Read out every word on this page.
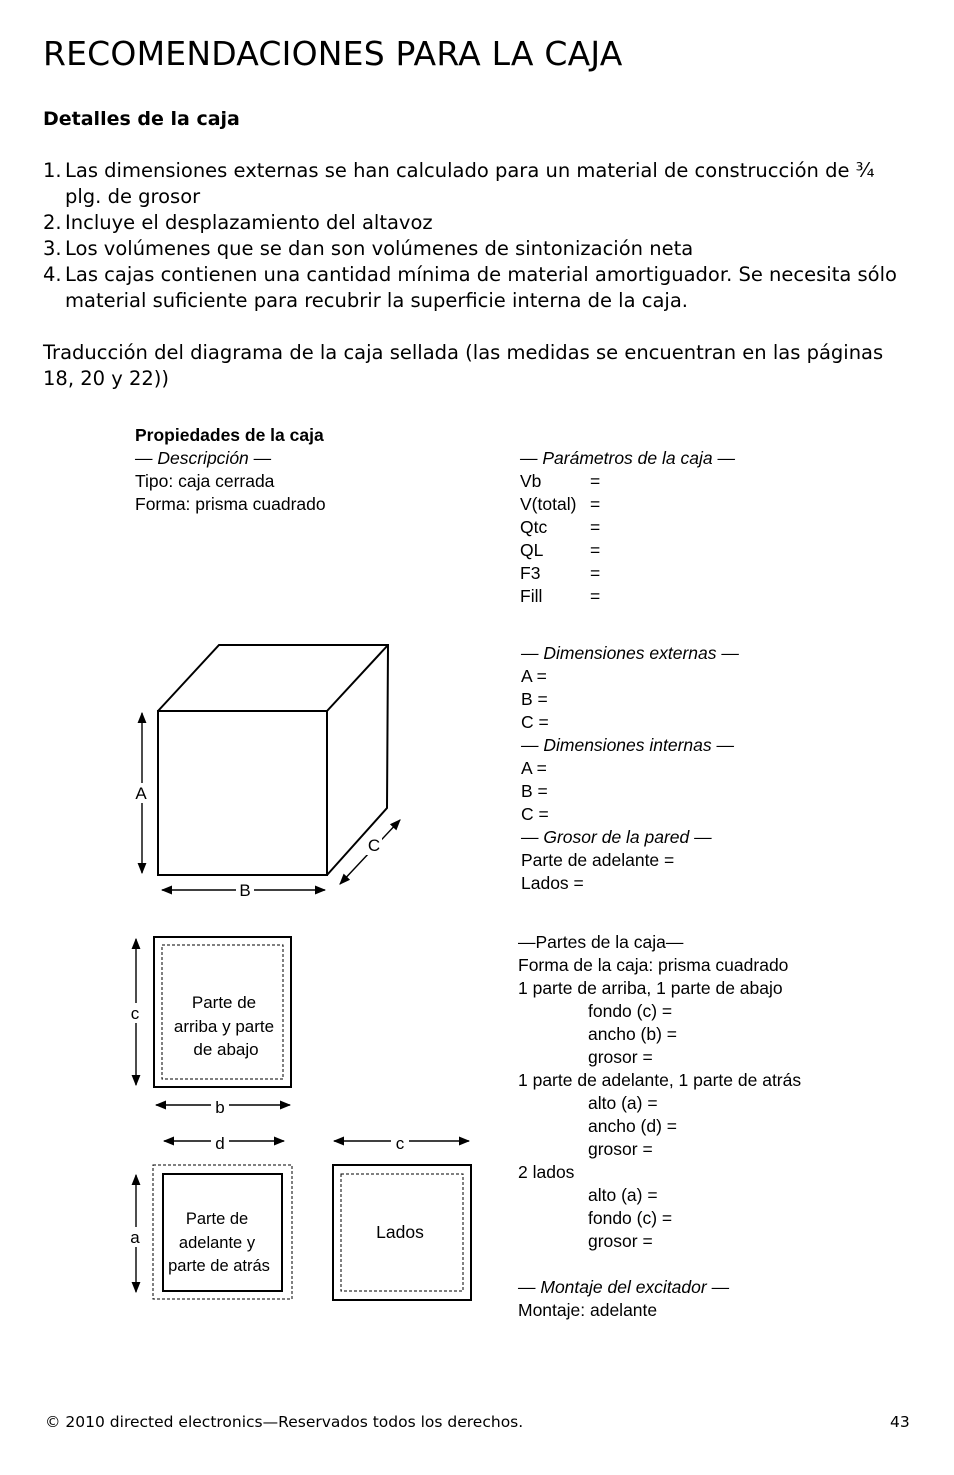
RECOMENDACIONES PARA LA CAJA
Detalles de la caja
1. Las dimensiones externas se han calculado para un material de construcción de ¾ plg. de grosor
2. Incluye el desplazamiento del altavoz
3. Los volúmenes que se dan son volúmenes de sintonización neta
4. Las cajas contienen una cantidad mínima de material amortiguador. Se necesita sólo material suficiente para recubrir la superficie interna de la caja.

Traducción del diagrama de la caja sellada (las medidas se encuentran en las páginas 18, 20 y 22))

Propiedades de la caja
— Descripción —
Tipo: caja cerrada
Forma: prisma cuadrado
— Parámetros de la caja —
Vb	=
V(total) =
Qtc	=
QL	=
F3	=
Fill	=
— Dimensiones externas —
A =
B =
C =
— Dimensiones internas —
A =
B =
C =
— Grosor de la pared —
Parte de adelante =
Lados =
—Partes de la caja—
Forma de la caja: prisma cuadrado
1 parte de arriba, 1 parte de abajo
fondo (c) =
ancho (b) =
grosor =
1 parte de adelante, 1 parte de atrás
alto (a) =
ancho (d) =
grosor =
2 lados
alto (a) =
fondo (c) =
grosor =
— Montaje del excitador —
Montaje: adelante
A
B
C
Parte de
arriba y parte
de abajo
c
b
d
Parte de
adelante y
parte de atrás
a
c
Lados
© 2010 directed electronics—Reservados todos los derechos.	43
